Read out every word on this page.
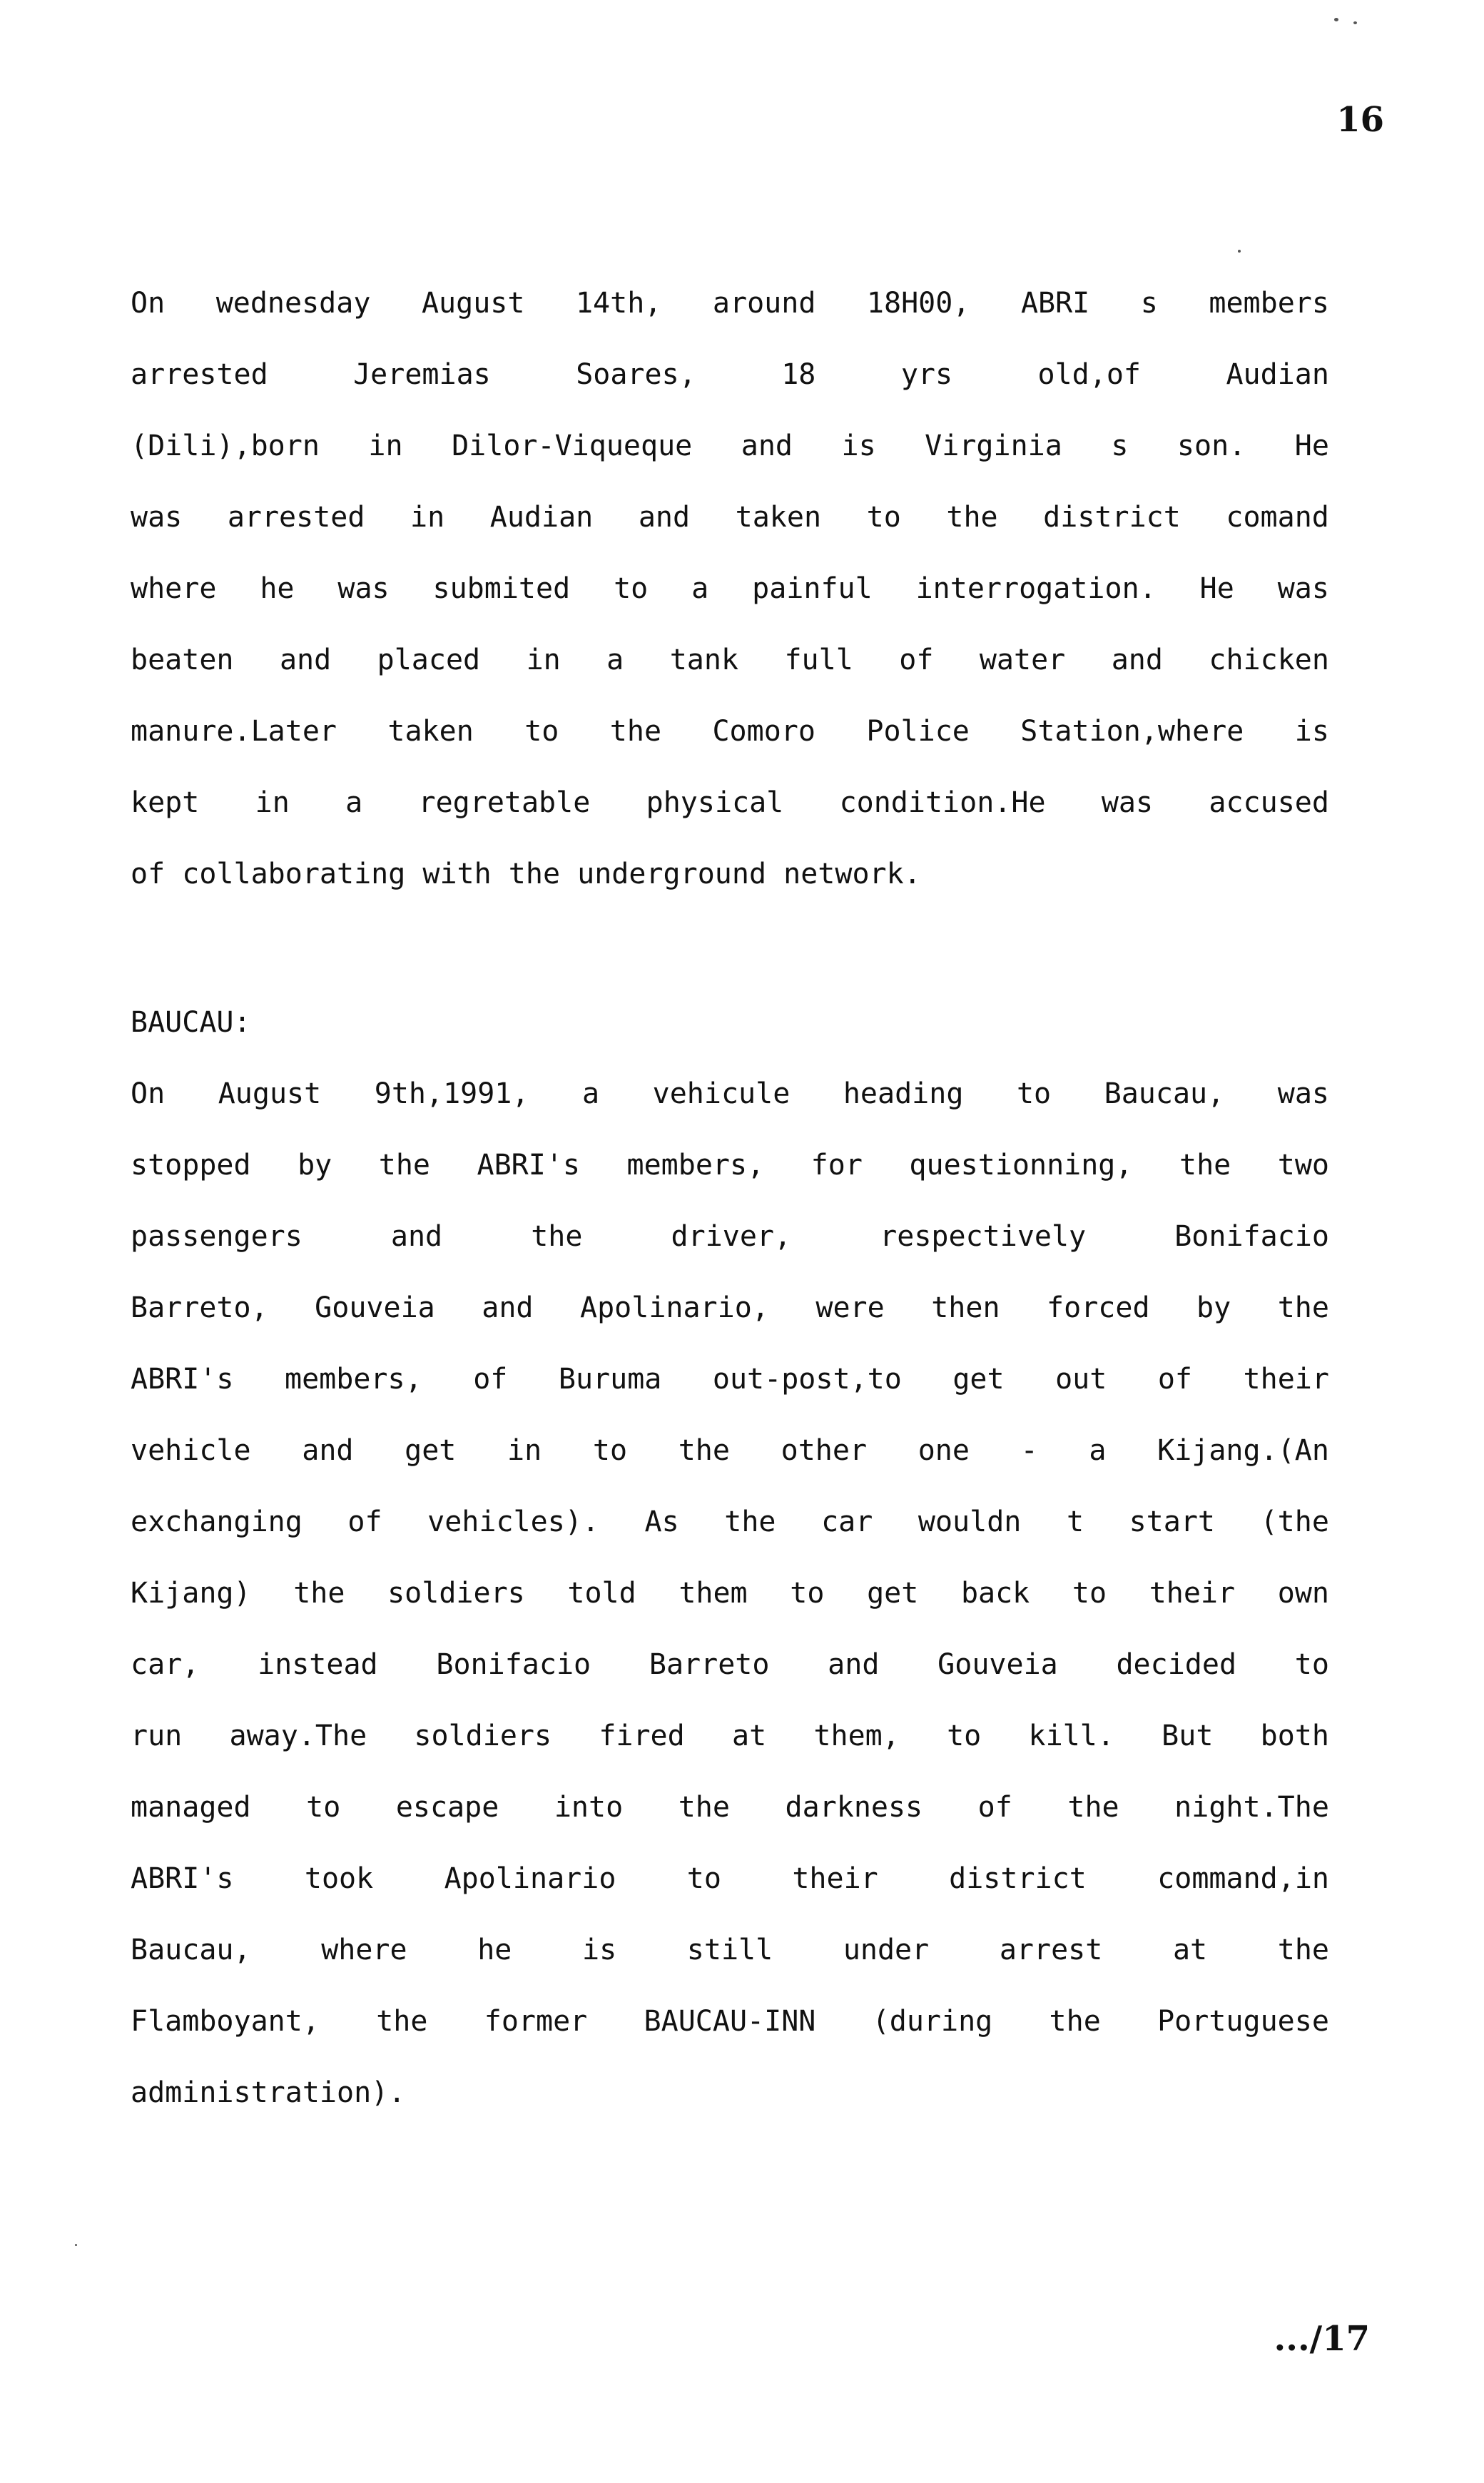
16
On wednesday August 14th, around 18H00, ABRI s members
arrested	Jeremias	Soares,	18	yrs	old,of	Audian
(Dili),born in Dilor-Viqueque and is Virginia s son. He
was arrested in Audian and taken to the district comand
where he was submited to a painful interrogation. He was
beaten and placed in a tank full of water and chicken
manure.Later taken to the Comoro Police Station,where is
kept in a regretable physical condition.He was accused
of collaborating with the underground network.
BAUCAU:
On August 9th,1991, a vehicule heading to Baucau, was
stopped by the ABRI's members, for questionning, the two
passengers	and	the	driver,	respectively	Bonifacio
Barreto, Gouveia and Apolinario, were then forced by the
ABRI's members, of Buruma out-post,to get out of their
vehicle and get in to the other one - a Kijang.(An
exchanging of vehicles). As the car wouldn t start (the
Kijang) the soldiers told them to get back to their own
car, instead Bonifacio Barreto and Gouveia decided to
run away.The soldiers fired at them, to kill. But both
managed to escape into the darkness of the night.The
ABRI's took Apolinario to their district command,in
Baucau, where he is still under arrest at the
Flamboyant, the former BAUCAU-INN (during the Portuguese
administration).
.../17
